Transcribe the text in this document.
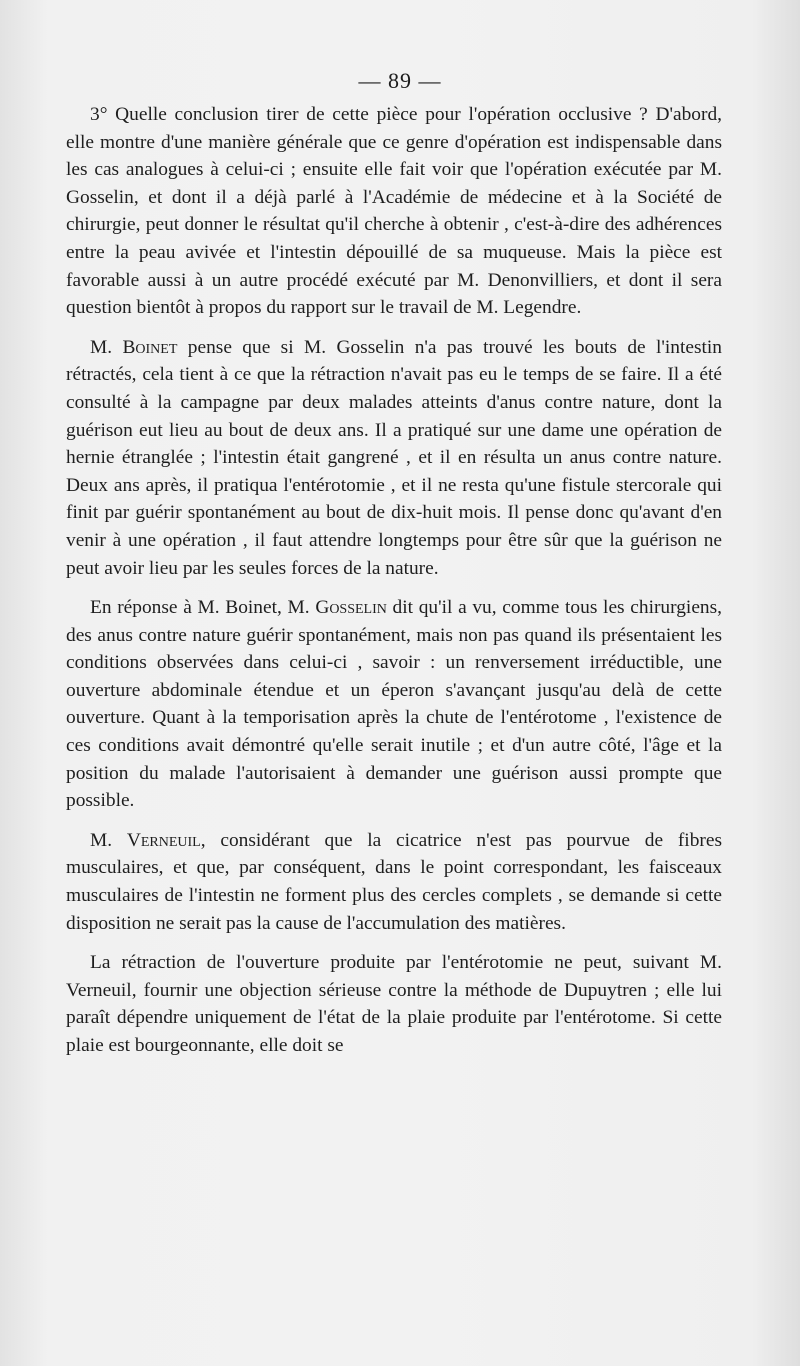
— 89 —

3° Quelle conclusion tirer de cette pièce pour l'opération occlusive ? D'abord, elle montre d'une manière générale que ce genre d'opération est indispensable dans les cas analogues à celui-ci ; ensuite elle fait voir que l'opération exécutée par M. Gosselin, et dont il a déjà parlé à l'Académie de médecine et à la Société de chirurgie, peut donner le résultat qu'il cherche à obtenir , c'est-à-dire des adhérences entre la peau avivée et l'intestin dépouillé de sa muqueuse. Mais la pièce est favorable aussi à un autre procédé exécuté par M. Denonvilliers, et dont il sera question bientôt à propos du rapport sur le travail de M. Legendre.

M. Boinet pense que si M. Gosselin n'a pas trouvé les bouts de l'intestin rétractés, cela tient à ce que la rétraction n'avait pas eu le temps de se faire. Il a été consulté à la campagne par deux malades atteints d'anus contre nature, dont la guérison eut lieu au bout de deux ans. Il a pratiqué sur une dame une opération de hernie étranglée ; l'intestin était gangrené , et il en résulta un anus contre nature. Deux ans après, il pratiqua l'entérotomie , et il ne resta qu'une fistule stercorale qui finit par guérir spontanément au bout de dix-huit mois. Il pense donc qu'avant d'en venir à une opération , il faut attendre longtemps pour être sûr que la guérison ne peut avoir lieu par les seules forces de la nature.

En réponse à M. Boinet, M. Gosselin dit qu'il a vu, comme tous les chirurgiens, des anus contre nature guérir spontanément, mais non pas quand ils présentaient les conditions observées dans celui-ci , savoir : un renversement irréductible, une ouverture abdominale étendue et un éperon s'avançant jusqu'au delà de cette ouverture. Quant à la temporisation après la chute de l'entérotome , l'existence de ces conditions avait démontré qu'elle serait inutile ; et d'un autre côté, l'âge et la position du malade l'autorisaient à demander une guérison aussi prompte que possible.

M. Verneuil, considérant que la cicatrice n'est pas pourvue de fibres musculaires, et que, par conséquent, dans le point correspondant, les faisceaux musculaires de l'intestin ne forment plus des cercles complets , se demande si cette disposition ne serait pas la cause de l'accumulation des matières.

La rétraction de l'ouverture produite par l'entérotomie ne peut, suivant M. Verneuil, fournir une objection sérieuse contre la méthode de Dupuytren ; elle lui paraît dépendre uniquement de l'état de la plaie produite par l'entérotome. Si cette plaie est bourgeonnante, elle doit se
